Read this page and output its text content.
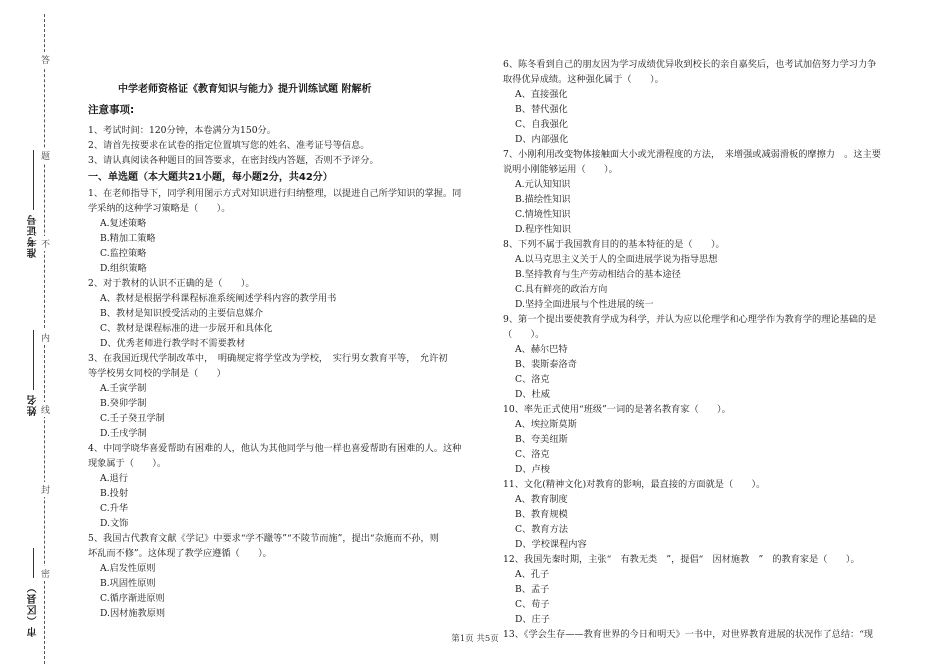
答
题
不
内
线
封
密
准考证号
姓名
市（区县）
中学老师资格证《教育知识与能力》提升训练试题 附解析

注意事项:

1、考试时间：120分钟，本卷满分为150分。

2、请首先按要求在试卷的指定位置填写您的姓名、准考证号等信息。

3、请认真阅读各种题目的回答要求，在密封线内答题，否则不予评分。

一、单选题（本大题共21小题，每小题2分，共42分）

1、在老师指导下，同学利用图示方式对知识进行归纳整理，以提进自己所学知识的掌握。同
学采纳的这种学习策略是（　　）。

A.复述策略

B.精加工策略

C.监控策略

D.组织策略

2、对于教材的认识不正确的是（　　）。

A、教材是根据学科课程标准系统阐述学科内容的教学用书

B、教材是知识授受活动的主要信息媒介

C、教材是课程标准的进一步展开和具体化

D、优秀老师进行教学时不需要教材

3、在我国近现代学制改革中，　明确规定将学堂改为学校，　实行男女教育平等，　允许初
等学校男女同校的学制是（　　）

A.壬寅学制

B.癸卯学制

C.壬子癸丑学制

D.壬戌学制

4、中同学晓华喜爱帮助有困难的人，他认为其他同学与他一样也喜爱帮助有困难的人。这种
现象属于（　　）。

A.退行

B.投射

C.升华

D.文饰

5、我国古代教育文献《学记》中要求“学不躐等”“不陵节而施”，提出“杂施而不孙，则
坏乱而不修”。这体现了教学应遵循（　　）。

A.启发性原则

B.巩固性原则

C.循序渐进原则

D.因材施教原则

6、陈冬看到自己的朋友因为学习成绩优异收到校长的亲自嘉奖后，也考试加倍努力学习力争
取得优异成绩。这种强化属于（　　）。

A、直接强化

B、替代强化

C、自我强化

D、内部强化

7、小刚利用改变物体接触面大小或光滑程度的方法，　来增强或减弱滑板的摩擦力　。这主要
说明小刚能够运用（　　）。

A.元认知知识

B.描绘性知识

C.情境性知识

D.程序性知识

8、下列不属于我国教育目的的基本特征的是（　　）。

A.以马克思主义关于人的全面进展学说为指导思想

B.坚持教育与生产劳动相结合的基本途径

C.具有鲜亮的政治方向

D.坚持全面进展与个性进展的统一

9、第一个提出要使教育学成为科学，并认为应以伦理学和心理学作为教育学的理论基础的是
（　　）。

A、赫尔巴特

B、裴斯泰洛奇

C、洛克

D、杜威

10、率先正式使用“班级”一词的是著名教育家（　　）。

A、埃拉斯莫斯

B、夸美纽斯

C、洛克

D、卢梭

11、文化(精神文化)对教育的影响，最直接的方面就是（　　）。

A、教育制度

B、教育规模

C、教育方法

D、学校课程内容

12、我国先秦时期，主张“　有教无类　”，提倡“　因材施教　”　的教育家是（　　）。

A、孔子

B、孟子

C、荀子

D、庄子

13、《学会生存——教育世界的今日和明天》一书中，对世界教育进展的状况作了总结：“现

第1页 共5页
